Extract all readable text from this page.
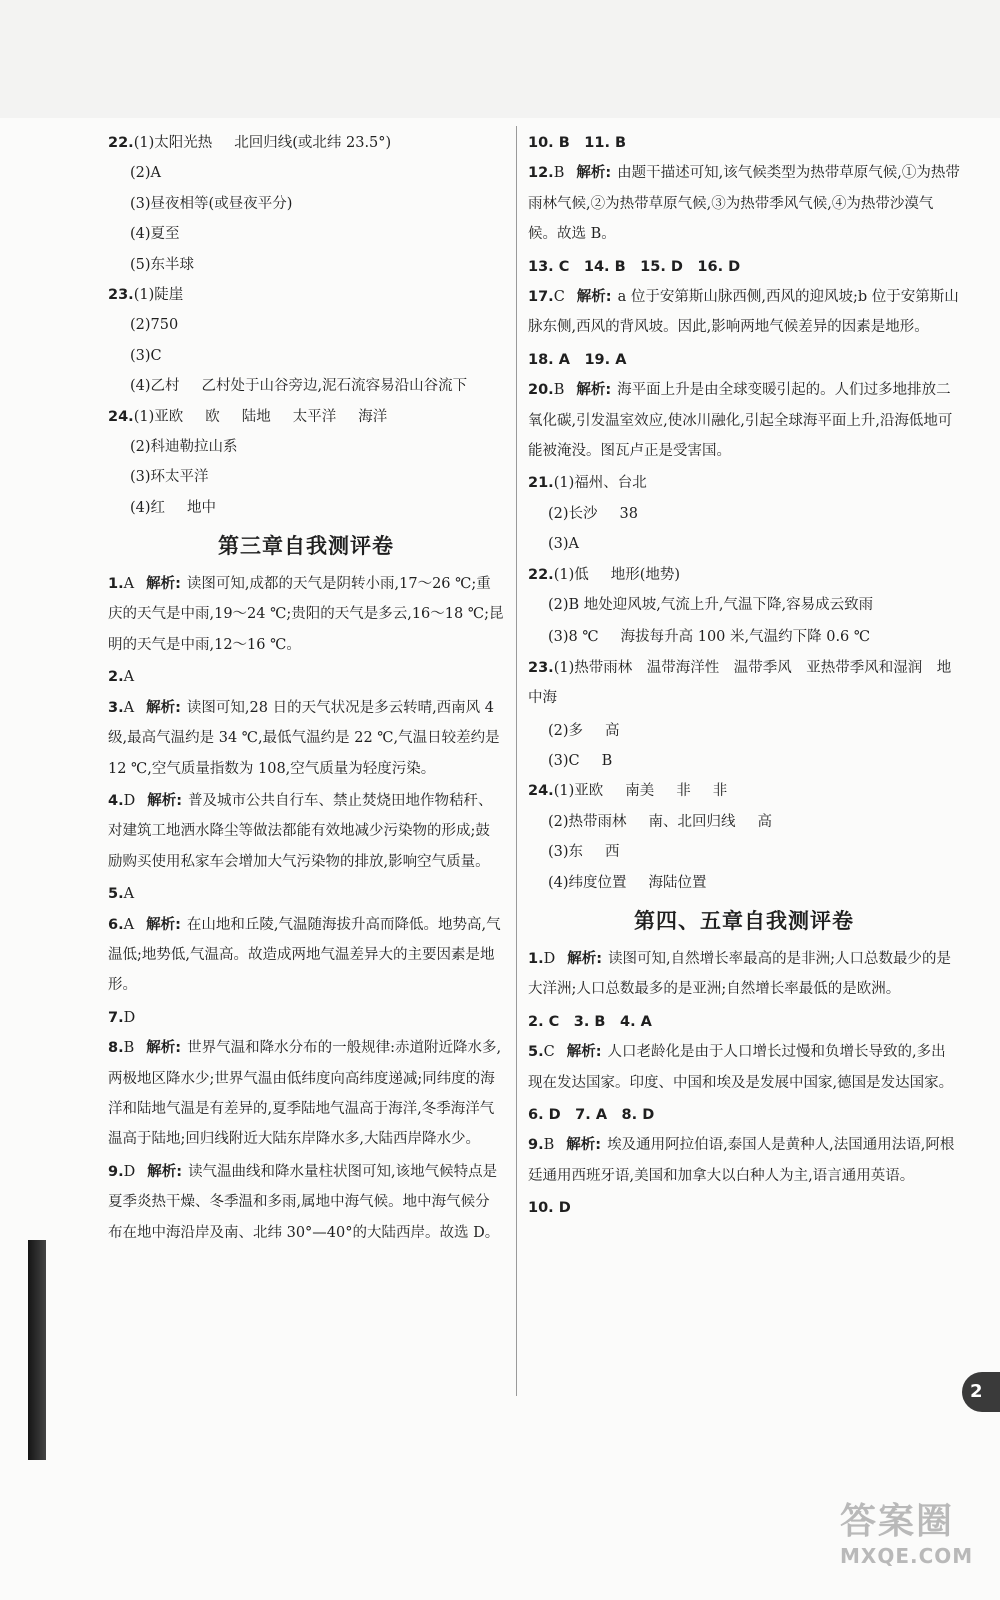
22.(1)太阳光热 北回归线(或北纬 23.5°)
(2)A
(3)昼夜相等(或昼夜平分)
(4)夏至
(5)东半球
23.(1)陡崖
(2)750
(3)C
(4)乙村 乙村处于山谷旁边,泥石流容易沿山谷流下
24.(1)亚欧 欧 陆地 太平洋 海洋
(2)科迪勒拉山系
(3)环太平洋
(4)红 地中
第三章自我测评卷
1.A 解析: 读图可知,成都的天气是阴转小雨,17～26 ℃;重庆的天气是中雨,19～24 ℃;贵阳的天气是多云,16～18 ℃;昆明的天气是中雨,12～16 ℃。
2.A
3.A 解析: 读图可知,28 日的天气状况是多云转晴,西南风 4 级,最高气温约是 34 ℃,最低气温约是 22 ℃,气温日较差约是 12 ℃,空气质量指数为 108,空气质量为轻度污染。
4.D 解析: 普及城市公共自行车、禁止焚烧田地作物秸秆、对建筑工地洒水降尘等做法都能有效地减少污染物的形成;鼓励购买使用私家车会增加大气污染物的排放,影响空气质量。
5.A
6.A 解析: 在山地和丘陵,气温随海拔升高而降低。地势高,气温低;地势低,气温高。故造成两地气温差异大的主要因素是地形。
7.D
8.B 解析: 世界气温和降水分布的一般规律:赤道附近降水多,两极地区降水少;世界气温由低纬度向高纬度递减;同纬度的海洋和陆地气温是有差异的,夏季陆地气温高于海洋,冬季海洋气温高于陆地;回归线附近大陆东岸降水多,大陆西岸降水少。
9.D 解析: 读气温曲线和降水量柱状图可知,该地气候特点是夏季炎热干燥、冬季温和多雨,属地中海气候。地中海气候分布在地中海沿岸及南、北纬 30°—40°的大陆西岸。故选 D。
10. B　11. B
12.B 解析: 由题干描述可知,该气候类型为热带草原气候,①为热带雨林气候,②为热带草原气候,③为热带季风气候,④为热带沙漠气候。故选 B。
13. C　14. B　15. D　16. D
17.C 解析: a 位于安第斯山脉西侧,西风的迎风坡;b 位于安第斯山脉东侧,西风的背风坡。因此,影响两地气候差异的因素是地形。
18. A　19. A
20.B 解析: 海平面上升是由全球变暖引起的。人们过多地排放二氧化碳,引发温室效应,使冰川融化,引起全球海平面上升,沿海低地可能被淹没。图瓦卢正是受害国。
21.(1)福州、台北
(2)长沙 38
(3)A
22.(1)低 地形(地势)
(2)B 地处迎风坡,气流上升,气温下降,容易成云致雨
(3)8 ℃ 海拔每升高 100 米,气温约下降 0.6 ℃
23.(1)热带雨林　温带海洋性　温带季风　亚热带季风和湿润　地中海
(2)多 高
(3)C B
24.(1)亚欧 南美 非 非
(2)热带雨林 南、北回归线 高
(3)东 西
(4)纬度位置 海陆位置
第四、五章自我测评卷
1.D 解析: 读图可知,自然增长率最高的是非洲;人口总数最少的是大洋洲;人口总数最多的是亚洲;自然增长率最低的是欧洲。
2. C　3. B　4. A
5.C 解析: 人口老龄化是由于人口增长过慢和负增长导致的,多出现在发达国家。印度、中国和埃及是发展中国家,德国是发达国家。
6. D　7. A　8. D
9.B 解析: 埃及通用阿拉伯语,泰国人是黄种人,法国通用法语,阿根廷通用西班牙语,美国和加拿大以白种人为主,语言通用英语。
10. D
2
答案圈
MXQE.COM
